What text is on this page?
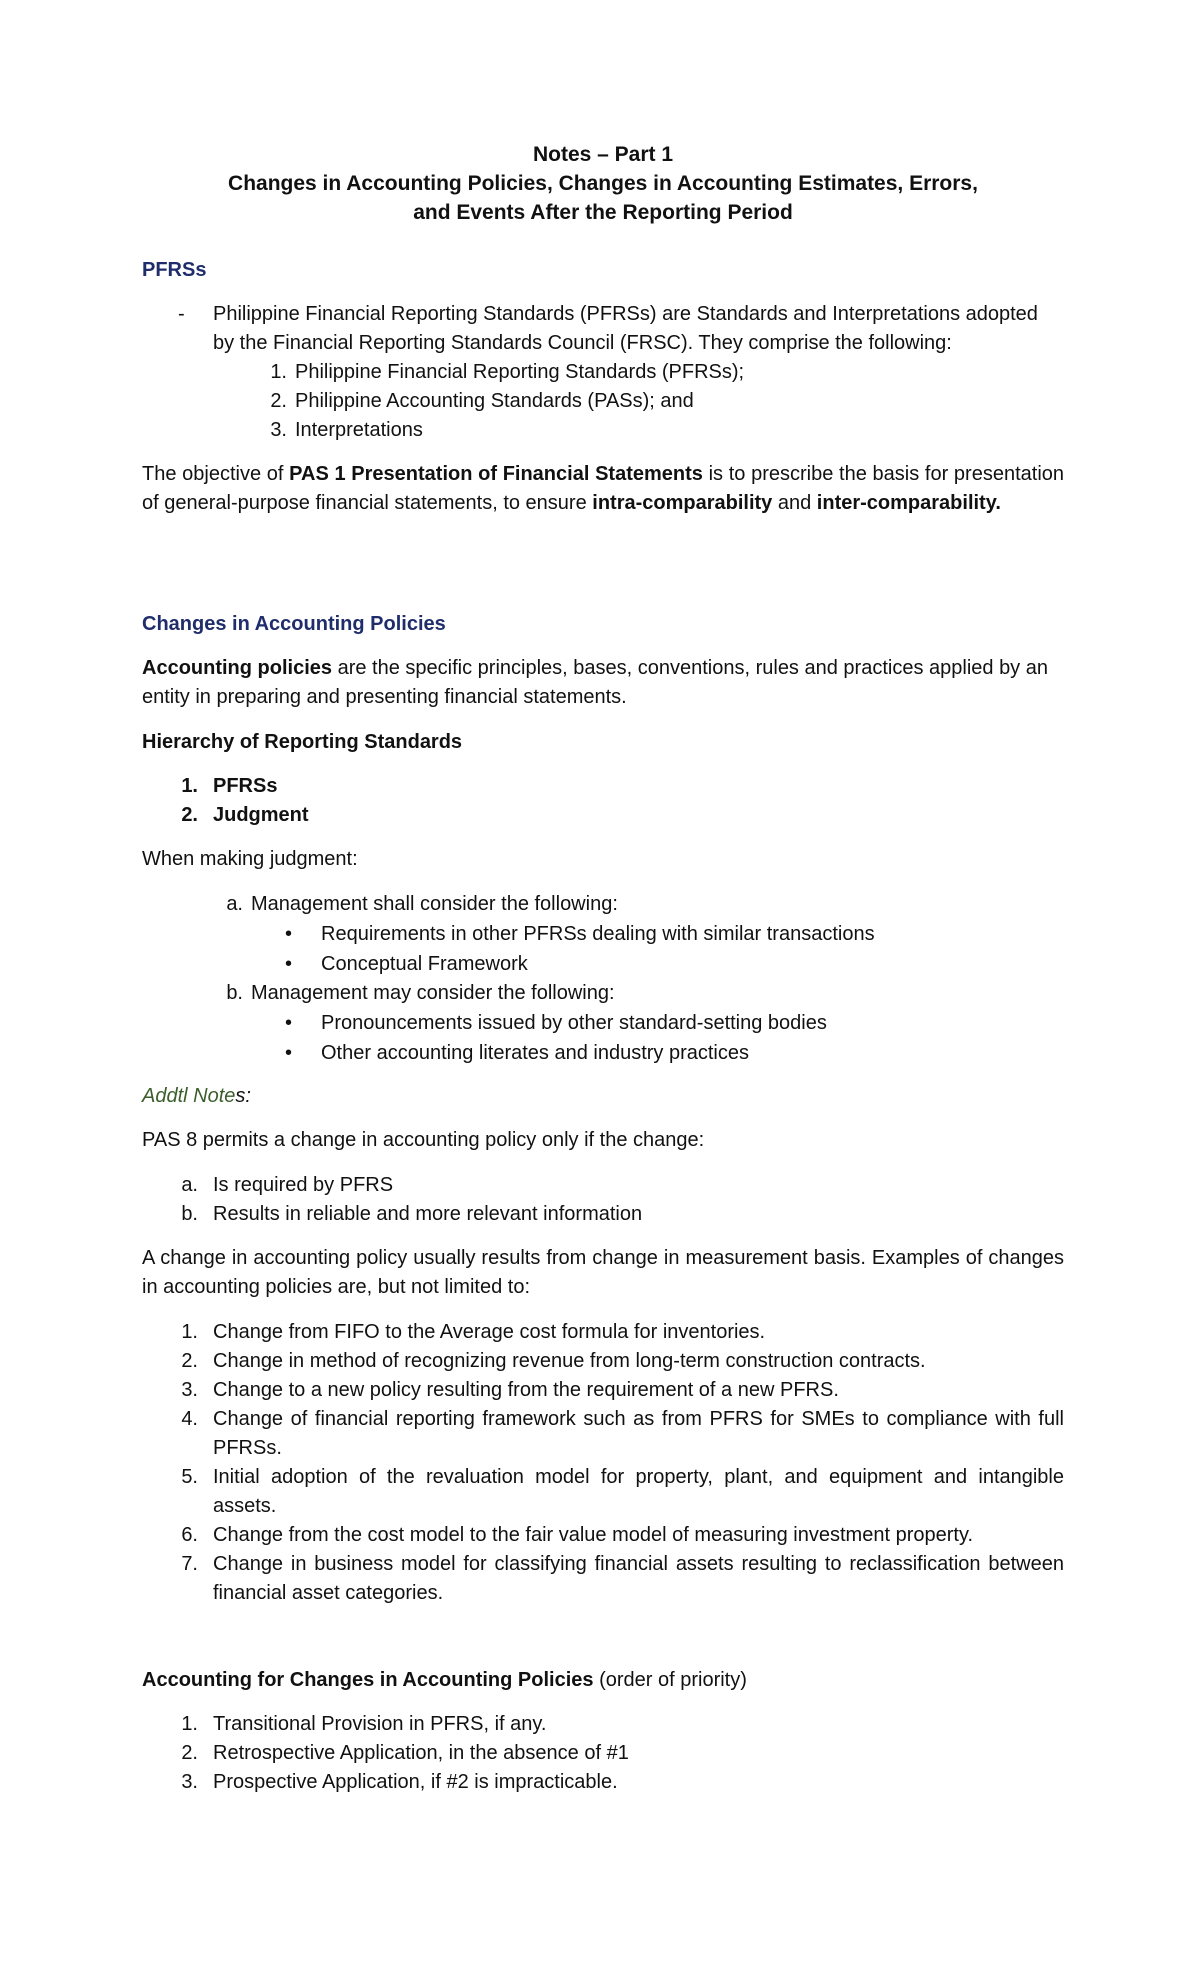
Notes – Part 1
Changes in Accounting Policies, Changes in Accounting Estimates, Errors,
and Events After the Reporting Period
PFRSs
- Philippine Financial Reporting Standards (PFRSs) are Standards and Interpretations adopted
by the Financial Reporting Standards Council (FRSC). They comprise the following:
1. Philippine Financial Reporting Standards (PFRSs);
2. Philippine Accounting Standards (PASs); and
3. Interpretations
The objective of PAS 1 Presentation of Financial Statements is to prescribe the basis for presentation of general-purpose financial statements, to ensure intra-comparability and inter-comparability.
Changes in Accounting Policies
Accounting policies are the specific principles, bases, conventions, rules and practices applied by an entity in preparing and presenting financial statements.
Hierarchy of Reporting Standards
1. PFRSs
2. Judgment
When making judgment:
a. Management shall consider the following:
• Requirements in other PFRSs dealing with similar transactions
• Conceptual Framework
b. Management may consider the following:
• Pronouncements issued by other standard-setting bodies
• Other accounting literates and industry practices
Addtl Notes:
PAS 8 permits a change in accounting policy only if the change:
a. Is required by PFRS
b. Results in reliable and more relevant information
A change in accounting policy usually results from change in measurement basis. Examples of changes in accounting policies are, but not limited to:
1. Change from FIFO to the Average cost formula for inventories.
2. Change in method of recognizing revenue from long-term construction contracts.
3. Change to a new policy resulting from the requirement of a new PFRS.
4. Change of financial reporting framework such as from PFRS for SMEs to compliance with full PFRSs.
5. Initial adoption of the revaluation model for property, plant, and equipment and intangible assets.
6. Change from the cost model to the fair value model of measuring investment property.
7. Change in business model for classifying financial assets resulting to reclassification between financial asset categories.
Accounting for Changes in Accounting Policies (order of priority)
1. Transitional Provision in PFRS, if any.
2. Retrospective Application, in the absence of #1
3. Prospective Application, if #2 is impracticable.
